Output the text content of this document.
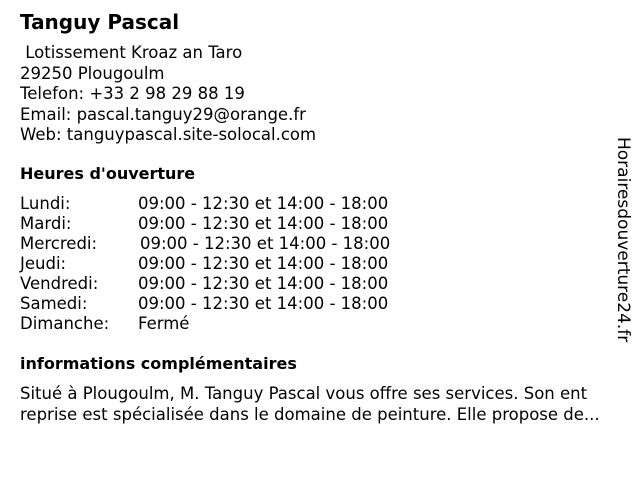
Tanguy Pascal
Lotissement Kroaz an Taro
29250 Plougoulm
Telefon: +33 2 98 29 88 19
Email: pascal.tanguy29@orange.fr
Web: tanguypascal.site-solocal.com
Heures d'ouverture
Lundi:	09:00 - 12:30 et 14:00 - 18:00
Mardi:	09:00 - 12:30 et 14:00 - 18:00
Mercredi:	09:00 - 12:30 et 14:00 - 18:00
Jeudi:	09:00 - 12:30 et 14:00 - 18:00
Vendredi: 09:00 - 12:30 et 14:00 - 18:00
Samedi:	09:00 - 12:30 et 14:00 - 18:00
Dimanche: Fermé
informations complémentaires
Situé à Plougoulm, M. Tanguy Pascal vous offre ses services. Son ent
reprise est spécialisée dans le domaine de peinture. Elle propose de...
Horairesdouverture24.fr
